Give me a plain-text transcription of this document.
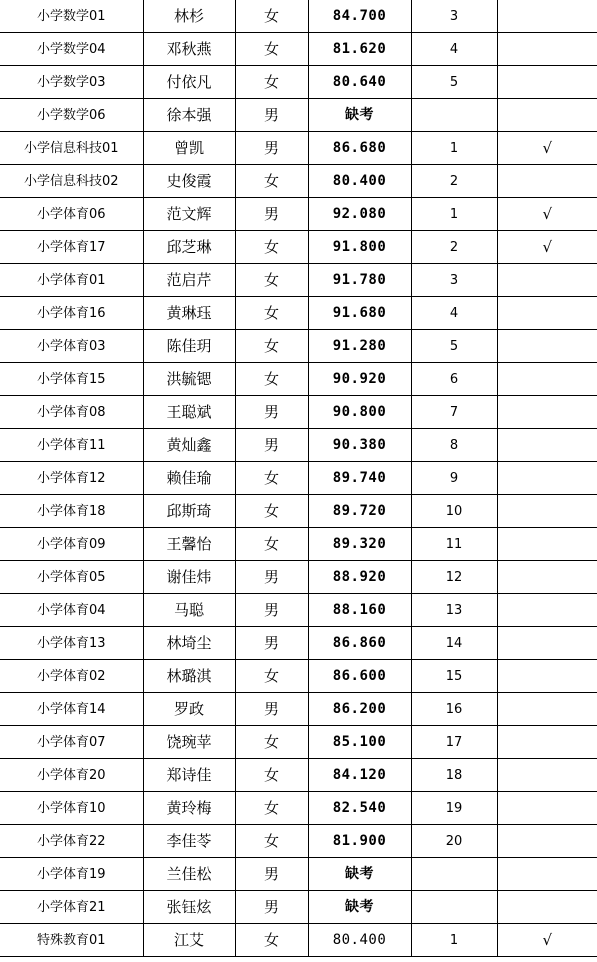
小学数学01	林杉	女	84.700	3	
小学数学04	邓秋燕	女	81.620	4	
小学数学03	付依凡	女	80.640	5	
小学数学06	徐本强	男	缺考		
小学信息科技01	曾凯	男	86.680	1	√
小学信息科技02	史俊霞	女	80.400	2	
小学体育06	范文辉	男	92.080	1	√
小学体育17	邱芝琳	女	91.800	2	√
小学体育01	范启芹	女	91.780	3	
小学体育16	黄琳珏	女	91.680	4	
小学体育03	陈佳玥	女	91.280	5	
小学体育15	洪毓锶	女	90.920	6	
小学体育08	王聪斌	男	90.800	7	
小学体育11	黄灿鑫	男	90.380	8	
小学体育12	赖佳瑜	女	89.740	9	
小学体育18	邱斯琦	女	89.720	10	
小学体育09	王馨怡	女	89.320	11	
小学体育05	谢佳炜	男	88.920	12	
小学体育04	马聪	男	88.160	13	
小学体育13	林埼尘	男	86.860	14	
小学体育02	林璐淇	女	86.600	15	
小学体育14	罗政	男	86.200	16	
小学体育07	饶琬苹	女	85.100	17	
小学体育20	郑诗佳	女	84.120	18	
小学体育10	黄玲梅	女	82.540	19	
小学体育22	李佳苓	女	81.900	20	
小学体育19	兰佳松	男	缺考		
小学体育21	张钰炫	男	缺考		
特殊教育01	江艾	女	80.400	1	√
